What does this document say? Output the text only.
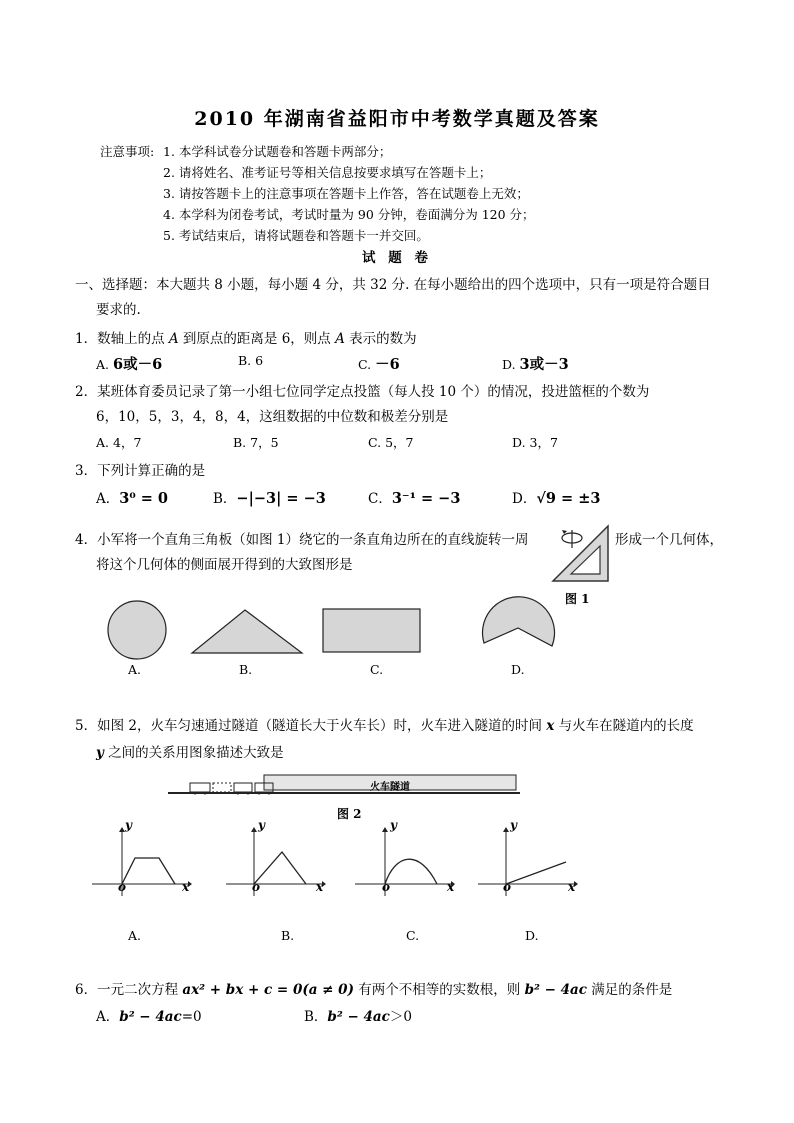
2010 年湖南省益阳市中考数学真题及答案
注意事项: 1. 本学科试卷分试题卷和答题卡两部分；
2. 请将姓名、准考证号等相关信息按要求填写在答题卡上；
3. 请按答题卡上的注意事项在答题卡上作答，答在试题卷上无效；
4. 本学科为闭卷考试，考试时量为 90 分钟，卷面满分为 120 分；
5. 考试结束后，请将试题卷和答题卡一并交回。
试 题 卷
一、选择题：本大题共 8 小题，每小题 4 分，共 32 分. 在每小题给出的四个选项中，只有一项是符合题目
要求的.
1．数轴上的点 A 到原点的距离是 6，则点 A 表示的数为
A. 6或－6	B. 6	C. －6	D. 3或－3
2．某班体育委员记录了第一小组七位同学定点投篮（每人投 10 个）的情况，投进篮框的个数为
6，10，5，3，4，8，4，这组数据的中位数和极差分别是
A. 4，7	B. 7，5	C. 5，7	D. 3，7
3．下列计算正确的是
A．3⁰ = 0	B．−|−3| = −3	C．3⁻¹ = −3	D．√9 = ±3
4．小军将一个直角三角板（如图 1）绕它的一条直角边所在的直线旋转一周	形成一个几何体，
将这个几何体的侧面展开得到的大致图形是
图 1
A.	B.	C.	D.
5．如图 2，火车匀速通过隧道（隧道长大于火车长）时，火车进入隧道的时间 x 与火车在隧道内的长度
y 之间的关系用图象描述大致是
火车隧道
图 2
y
o	x
y
o	x
y
o	x
y
o	x
A.	B.	C.	D.
6．一元二次方程 ax² + bx + c = 0(a ≠ 0) 有两个不相等的实数根，则 b² − 4ac 满足的条件是
A．b² − 4ac=0	B．b² − 4ac＞0
